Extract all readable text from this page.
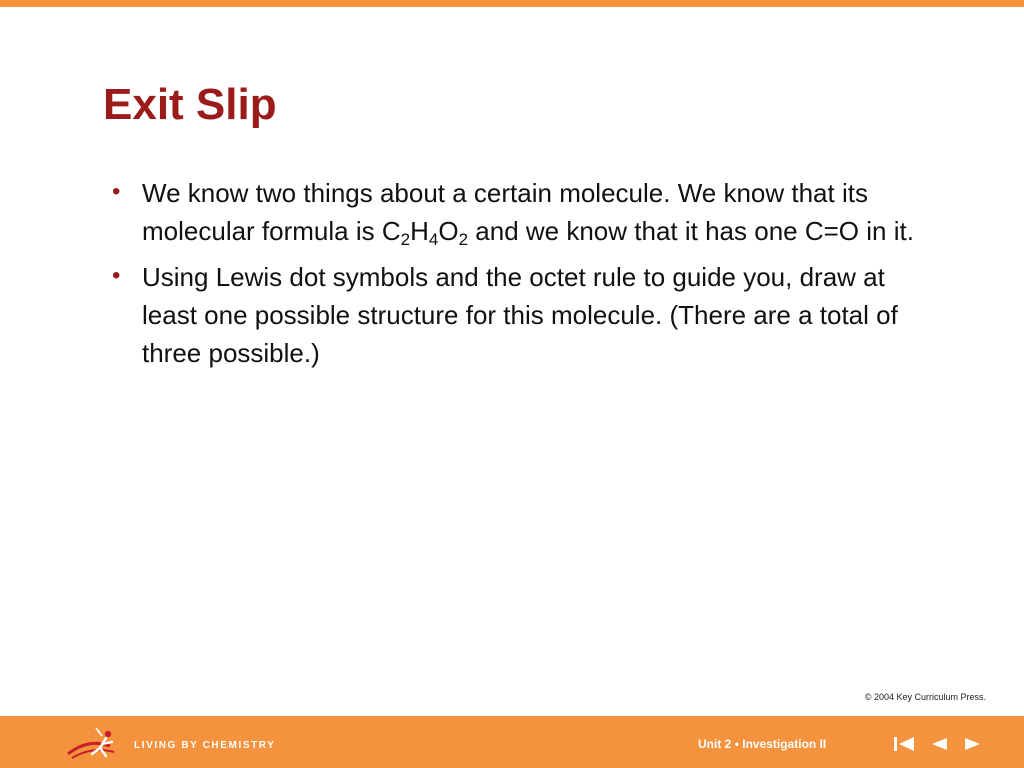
Exit Slip
• We know two things about a certain molecule. We know that its molecular formula is $C_2H_4O_2$ and we know that it has one C=O in it.
• Using Lewis dot symbols and the octet rule to guide you, draw at least one possible structure for this molecule. (There are a total of three possible.)
© 2004 Key Curriculum Press.
LIVING BY CHEMISTRY	Unit 2 • Investigation II
